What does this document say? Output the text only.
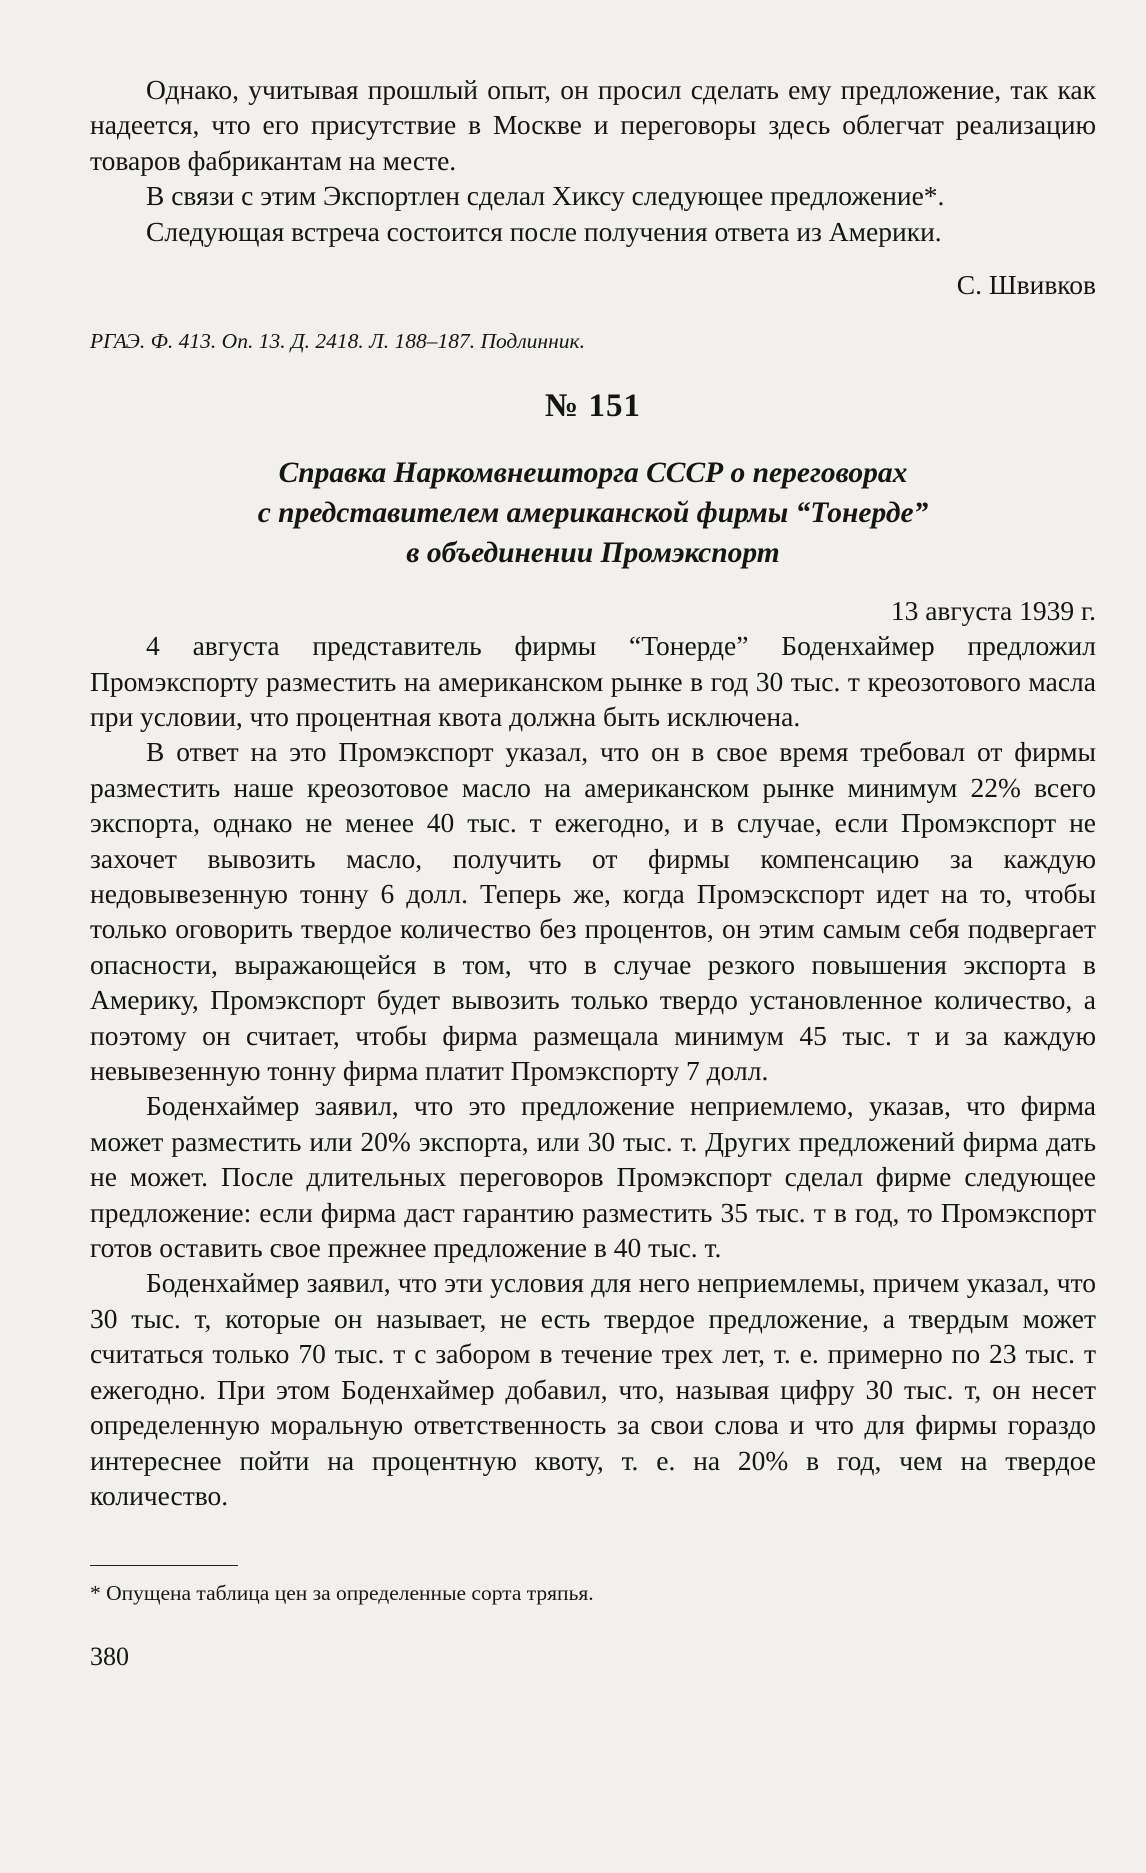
Однако, учитывая прошлый опыт, он просил сделать ему предложение, так как надеется, что его присутствие в Москве и переговоры здесь облегчат реализацию товаров фабрикантам на месте.

В связи с этим Экспортлен сделал Хиксу следующее предложение*.

Следующая встреча состоится после получения ответа из Америки.

С. Швивков

РГАЭ. Ф. 413. Оп. 13. Д. 2418. Л. 188–187. Подлинник.

№ 151
Справка Наркомвнешторга СССР о переговорах
с представителем американской фирмы “Тонерде”
в объединении Промэкспорт

13 августа 1939 г.

4 августа представитель фирмы “Тонерде” Боденхаймер предложил Промэкспорту разместить на американском рынке в год 30 тыс. т креозотового масла при условии, что процентная квота должна быть исключена.

В ответ на это Промэкспорт указал, что он в свое время требовал от фирмы разместить наше креозотовое масло на американском рынке минимум 22% всего экспорта, однако не менее 40 тыс. т ежегодно, и в случае, если Промэкспорт не захочет вывозить масло, получить от фирмы компенсацию за каждую недовывезенную тонну 6 долл. Теперь же, когда Промэскспорт идет на то, чтобы только оговорить твердое количество без процентов, он этим самым себя подвергает опасности, выражающейся в том, что в случае резкого повышения экспорта в Америку, Промэкспорт будет вывозить только твердо установленное количество, а поэтому он считает, чтобы фирма размещала минимум 45 тыс. т и за каждую невывезенную тонну фирма платит Промэкспорту 7 долл.

Боденхаймер заявил, что это предложение неприемлемо, указав, что фирма может разместить или 20% экспорта, или 30 тыс. т. Других предложений фирма дать не может. После длительных переговоров Промэкспорт сделал фирме следующее предложение: если фирма даст гарантию разместить 35 тыс. т в год, то Промэкспорт готов оставить свое прежнее предложение в 40 тыс. т.

Боденхаймер заявил, что эти условия для него неприемлемы, причем указал, что 30 тыс. т, которые он называет, не есть твердое предложение, а твердым может считаться только 70 тыс. т с забором в течение трех лет, т. е. примерно по 23 тыс. т ежегодно. При этом Боденхаймер добавил, что, называя цифру 30 тыс. т, он несет определенную моральную ответственность за свои слова и что для фирмы гораздо интереснее пойти на процентную квоту, т. е. на 20% в год, чем на твердое количество.

* Опущена таблица цен за определенные сорта тряпья.

380
